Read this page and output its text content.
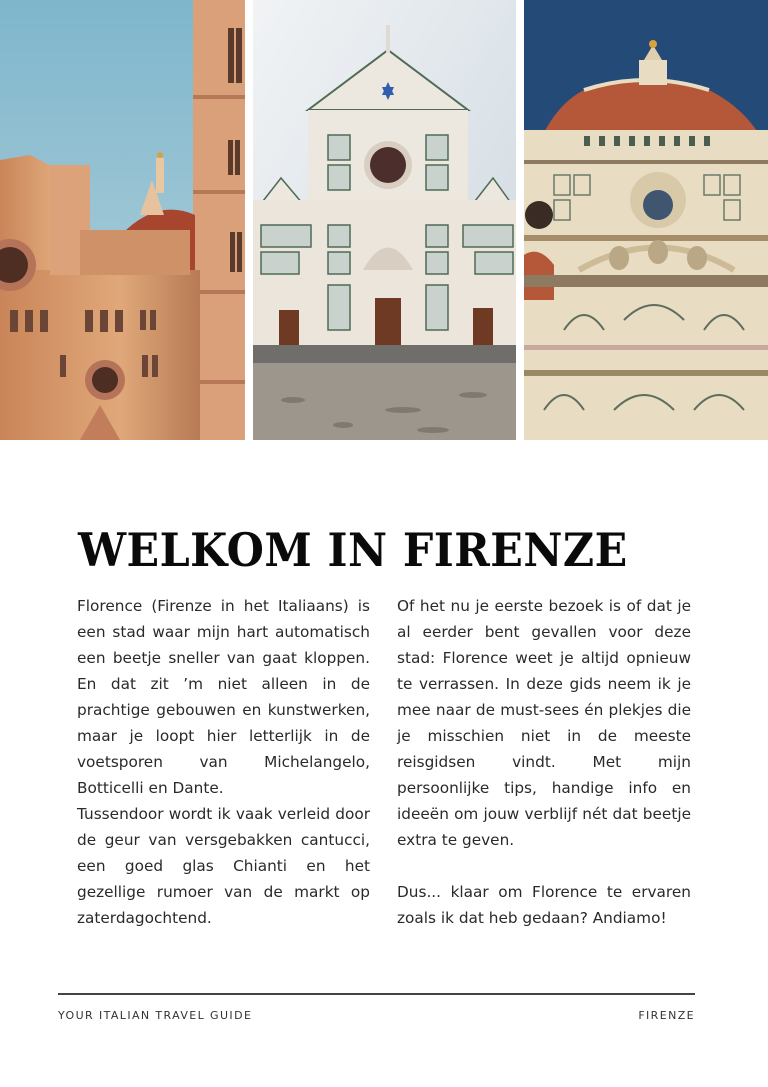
WELKOM IN FIRENZE

Florence (Firenze in het Italiaans) is een stad waar mijn hart automatisch een beetje sneller van gaat kloppen. En dat zit ’m niet alleen in de prachtige gebouwen en kunstwerken, maar je loopt hier letterlijk in de voetsporen van Michelangelo, Botticelli en Dante.

Tussendoor wordt ik vaak verleid door de geur van versgebakken cantucci, een goed glas Chianti en het gezellige rumoer van de markt op zaterdagochtend.

Of het nu je eerste bezoek is of dat je al eerder bent gevallen voor deze stad: Florence weet je altijd opnieuw te verrassen. In deze gids neem ik je mee naar de must-sees én plekjes die je misschien niet in de meeste reisgidsen vindt. Met mijn persoonlijke tips, handige info en ideeën om jouw verblijf nét dat beetje extra te geven.

Dus... klaar om Florence te ervaren zoals ik dat heb gedaan? Andiamo!

YOUR ITALIAN TRAVEL GUIDE	FIRENZE
